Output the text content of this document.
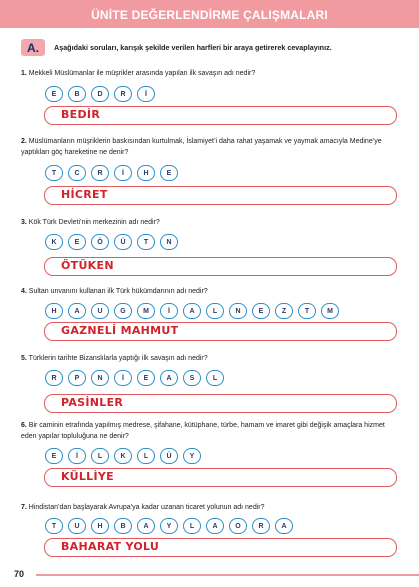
ÜNİTE DEĞERLENDİRME ÇALIŞMALARI
A.	Aşağıdaki soruları, karışık şekilde verilen harfleri bir araya getirerek cevaplayınız.
1. Mekkeli Müslümanlar ile müşrikler arasında yapılan ilk savaşın adı nedir?
E	B	D	R	İ
BEDİR
2. Müslümanların müşriklerin baskısından kurtulmak, İslamiyet’i daha rahat yaşamak ve yaymak amacıyla Medine’ye yaptıkları göç hareketine ne denir?
T	C	R	İ	H	E
HİCRET
3. Kök Türk Devleti’nin merkezinin adı nedir?
K	E	Ö	Ü	T	N
ÖTÜKEN
4. Sultan unvanını kullanan ilk Türk hükümdarının adı nedir?
H	A	U	G	M	İ	A	L	N	E	Z	T	M
GAZNELİ MAHMUT
5. Türklerin tarihte Bizanslılarla yaptığı ilk savaşın adı nedir?
R	P	N	İ	E	A	S	L
PASİNLER
6. Bir caminin etrafında yapılmış medrese, şifahane, kütüphane, türbe, hamam ve imaret gibi değişik amaçlara hizmet eden yapılar topluluğuna ne denir?
E	İ	L	K	L	Ü	Y
KÜLLİYE
7. Hindistan’dan başlayarak Avrupa’ya kadar uzanan ticaret yolunun adı nedir?
T	U	H	B	A	Y	L	A	O	R	A
BAHARAT YOLU
70
